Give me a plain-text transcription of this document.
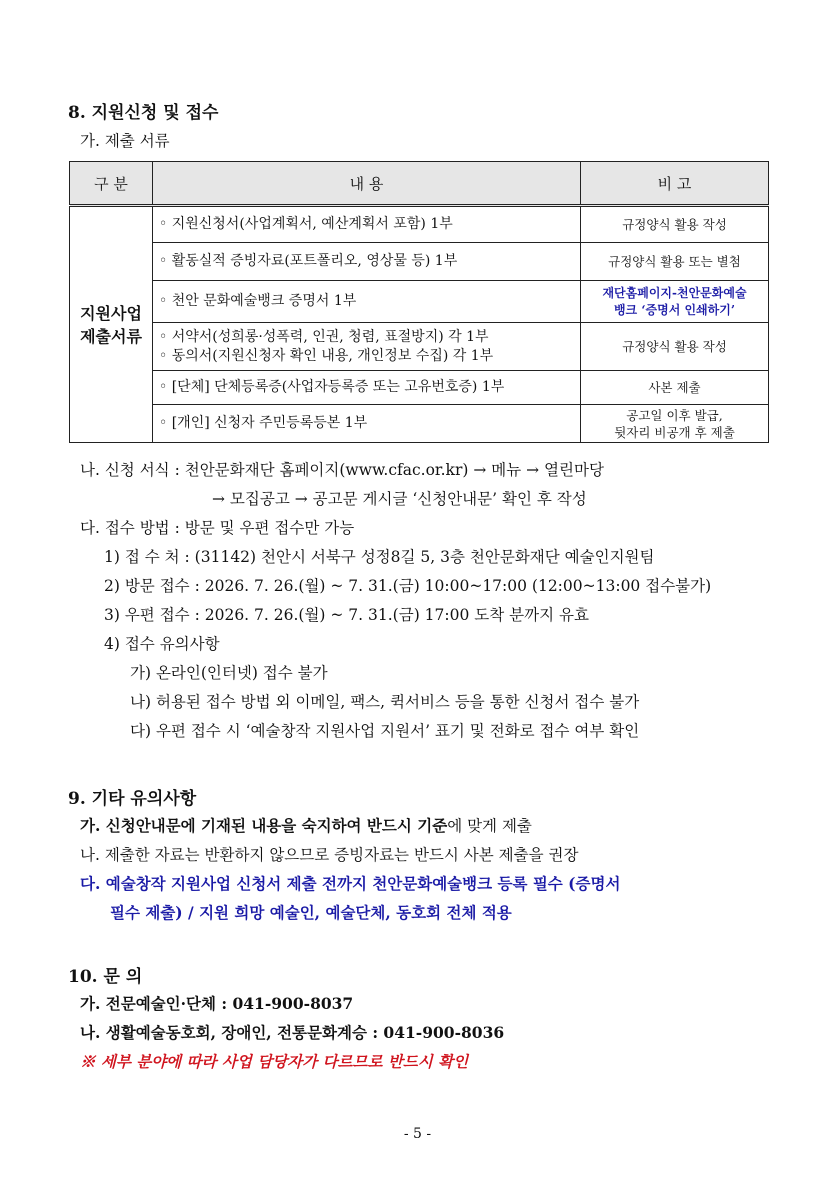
8. 지원신청 및 접수
가. 제출 서류
구 분	내 용	비 고

지원사업
제출서류	◦ 지원신청서(사업계획서, 예산계획서 포함) 1부	규정양식 활용 작성
	◦ 활동실적 증빙자료(포트폴리오, 영상물 등) 1부	규정양식 활용 또는 별첨
	◦ 천안 문화예술뱅크 증명서 1부	재단홈페이지-천안문화예술
뱅크 ‘증명서 인쇄하기’

	◦ 서약서(성희롱·성폭력, 인권, 청렴, 표절방지) 각 1부
◦ 동의서(지원신청자 확인 내용, 개인정보 수집) 각 1부	규정양식 활용 작성
	◦ [단체] 단체등록증(사업자등록증 또는 고유번호증) 1부	사본 제출
	◦ [개인] 신청자 주민등록등본 1부	공고일 이후 발급,
뒷자리 비공개 후 제출
나. 신청 서식 : 천안문화재단 홈페이지(www.cfac.or.kr) → 메뉴 → 열린마당
→ 모집공고 → 공고문 게시글 ‘신청안내문’ 확인 후 작성
다. 접수 방법 : 방문 및 우편 접수만 가능
1) 접 수 처 : (31142) 천안시 서북구 성정8길 5, 3층 천안문화재단 예술인지원팀
2) 방문 접수 : 2026. 7. 26.(월) ~ 7. 31.(금) 10:00~17:00 (12:00~13:00 접수불가)
3) 우편 접수 : 2026. 7. 26.(월) ~ 7. 31.(금) 17:00 도착 분까지 유효
4) 접수 유의사항
가) 온라인(인터넷) 접수 불가
나) 허용된 접수 방법 외 이메일, 팩스, 퀵서비스 등을 통한 신청서 접수 불가
다) 우편 접수 시 ‘예술창작 지원사업 지원서’ 표기 및 전화로 접수 여부 확인
9. 기타 유의사항
가. 신청안내문에 기재된 내용을 숙지하여 반드시 기준에 맞게 제출
나. 제출한 자료는 반환하지 않으므로 증빙자료는 반드시 사본 제출을 권장
다. 예술창작 지원사업 신청서 제출 전까지 천안문화예술뱅크 등록 필수 (증명서
필수 제출) / 지원 희망 예술인, 예술단체, 동호회 전체 적용
10. 문 의
가. 전문예술인·단체 : 041-900-8037
나. 생활예술동호회, 장애인, 전통문화계승 : 041-900-8036
※ 세부 분야에 따라 사업 담당자가 다르므로 반드시 확인
- 5 -
